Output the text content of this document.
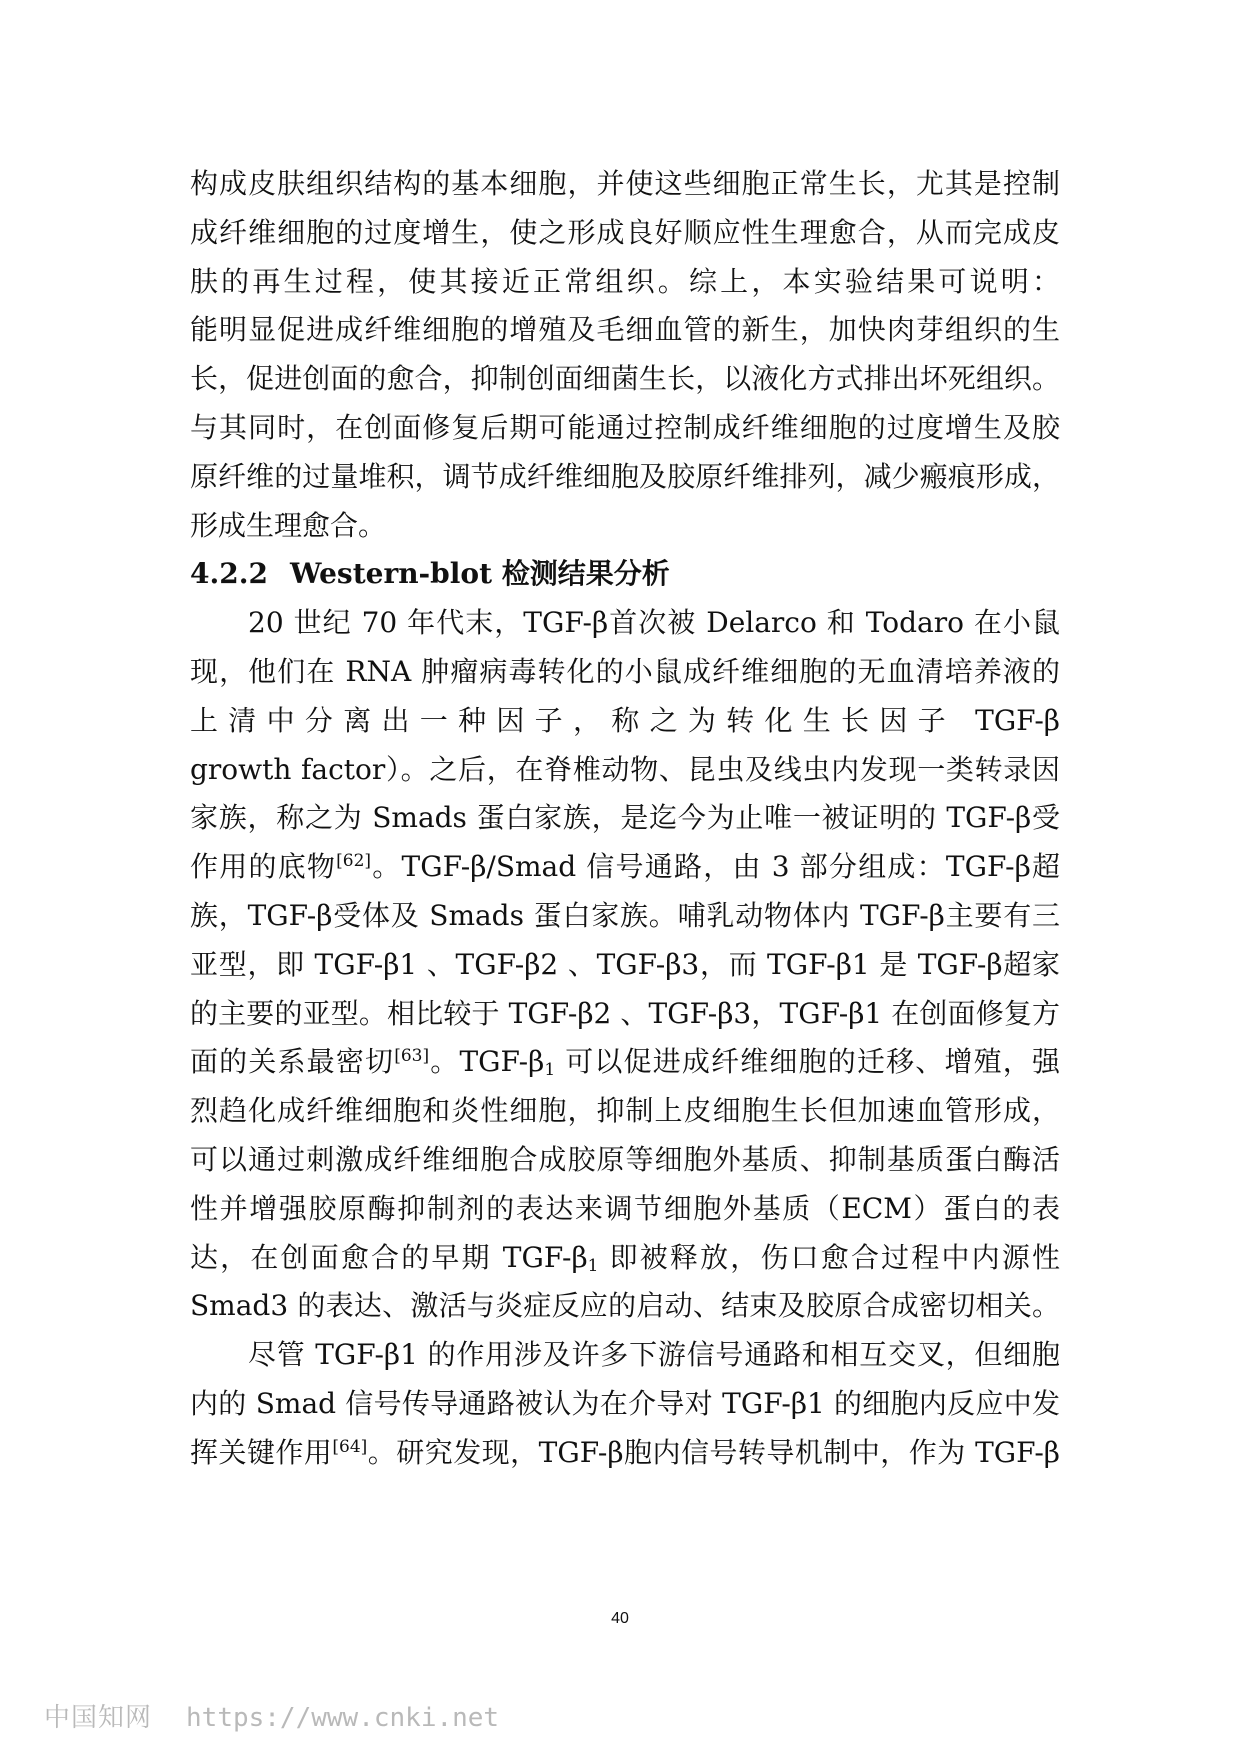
构成皮肤组织结构的基本细胞，并使这些细胞正常生长，尤其是控制
成纤维细胞的过度增生，使之形成良好顺应性生理愈合，从而完成皮
肤的再生过程，使其接近正常组织。综上，本实验结果可说明：
能明显促进成纤维细胞的增殖及毛细血管的新生，加快肉芽组织的生
长，促进创面的愈合，抑制创面细菌生长，以液化方式排出坏死组织。
与其同时，在创面修复后期可能通过控制成纤维细胞的过度增生及胶
原纤维的过量堆积，调节成纤维细胞及胶原纤维排列，减少瘢痕形成，
形成生理愈合。
4.2.2 Western-blot 检测结果分析
20 世纪 70 年代末，TGF-β首次被 Delarco 和 Todaro 在小鼠
现，他们在 RNA 肿瘤病毒转化的小鼠成纤维细胞的无血清培养液的
上清中分离出一种因子，称之为转化生长因子 TGF-β
growth factor）。之后，在脊椎动物、昆虫及线虫内发现一类转录因
家族，称之为 Smads 蛋白家族，是迄今为止唯一被证明的 TGF-β受
作用的底物[62]。TGF-β/Smad 信号通路，由 3 部分组成：TGF-β超
族，TGF-β受体及 Smads 蛋白家族。哺乳动物体内 TGF-β主要有三
亚型，即 TGF-β1 、TGF-β2 、TGF-β3，而 TGF-β1 是 TGF-β超家
的主要的亚型。相比较于 TGF-β2 、TGF-β3，TGF-β1 在创面修复方
面的关系最密切[63]。TGF-$\beta_1$ 可以促进成纤维细胞的迁移、增殖，强
烈趋化成纤维细胞和炎性细胞，抑制上皮细胞生长但加速血管形成，
可以通过刺激成纤维细胞合成胶原等细胞外基质、抑制基质蛋白酶活
性并增强胶原酶抑制剂的表达来调节细胞外基质（ECM）蛋白的表
达，在创面愈合的早期 TGF-$\beta_1$ 即被释放，伤口愈合过程中内源性
Smad3 的表达、激活与炎症反应的启动、结束及胶原合成密切相关。
尽管 TGF-β1 的作用涉及许多下游信号通路和相互交叉，但细胞
内的 Smad 信号传导通路被认为在介导对 TGF-β1 的细胞内反应中发
挥关键作用[64]。研究发现，TGF-β胞内信号转导机制中，作为 TGF-β
40
中国知网 https://www.cnki.net
